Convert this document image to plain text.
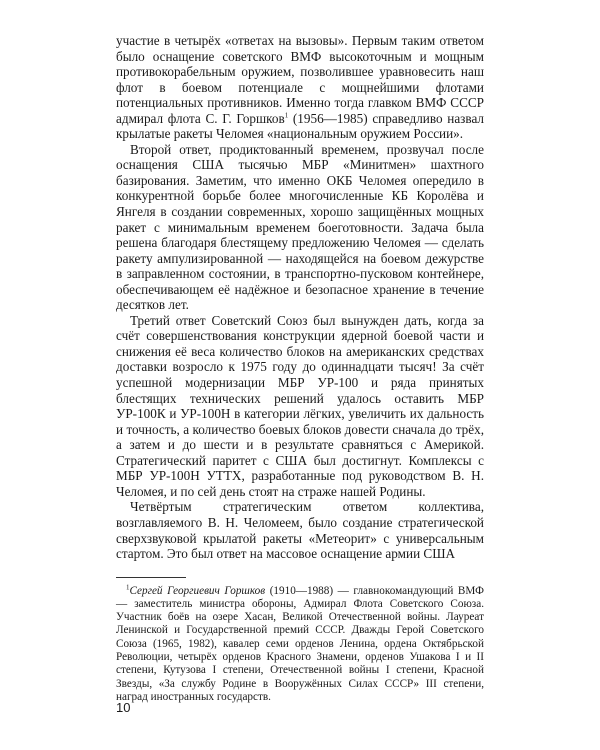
участие в четырёх «ответах на вызовы». Первым таким ответом было оснащение советского ВМФ высокоточным и мощным противокорабельным оружием, позволившее уравновесить наш флот в боевом потенциале с мощнейшими флотами потенциальных противников. Именно тогда главком ВМФ СССР адмирал флота С. Г. Горшков$^1$ (1956—1985) справедливо назвал крылатые ракеты Челомея «национальным оружием России».

Второй ответ, продиктованный временем, прозвучал после оснащения США тысячью МБР «Минитмен» шахтного базирования. Заметим, что именно ОКБ Челомея опередило в конкурентной борьбе более многочисленные КБ Королёва и Янгеля в создании современных, хорошо защищённых мощных ракет с минимальным временем боеготовности. Задача была решена благодаря блестящему предложению Челомея — сделать ракету ампулизированной — находящейся на боевом дежурстве в заправленном состоянии, в транспортно-пусковом контейнере, обеспечивающем её надёжное и безопасное хранение в течение десятков лет.

Третий ответ Советский Союз был вынужден дать, когда за счёт совершенствования конструкции ядерной боевой части и снижения её веса количество блоков на американских средствах доставки возросло к 1975 году до одиннадцати тысяч! За счёт успешной модернизации МБР УР-100 и ряда принятых блестящих технических решений удалось оставить МБР УР-100К и УР-100Н в категории лёгких, увеличить их дальность и точность, а количество боевых блоков довести сначала до трёх, а затем и до шести и в результате сравняться с Америкой. Стратегический паритет с США был достигнут. Комплексы с МБР УР-100Н УТТХ, разработанные под руководством В. Н. Челомея, и по сей день стоят на страже нашей Родины.

Четвёртым стратегическим ответом коллектива, возглавляемого В. Н. Челомеем, было создание стратегической сверхзвуковой крылатой ракеты «Метеорит» с универсальным стартом. Это был ответ на массовое оснащение армии США

$^1$Сергей Георгиевич Горшков (1910—1988) — главнокомандующий ВМФ — заместитель министра обороны, Адмирал Флота Советского Союза. Участник боёв на озере Хасан, Великой Отечественной войны. Лауреат Ленинской и Государственной премий СССР. Дважды Герой Советского Союза (1965, 1982), кавалер семи орденов Ленина, ордена Октябрьской Революции, четырёх орденов Красного Знамени, орденов Ушакова I и II степени, Кутузова I степени, Отечественной войны I степени, Красной Звезды, «За службу Родине в Вооружённых Силах СССР» III степени, наград иностранных государств.

10
